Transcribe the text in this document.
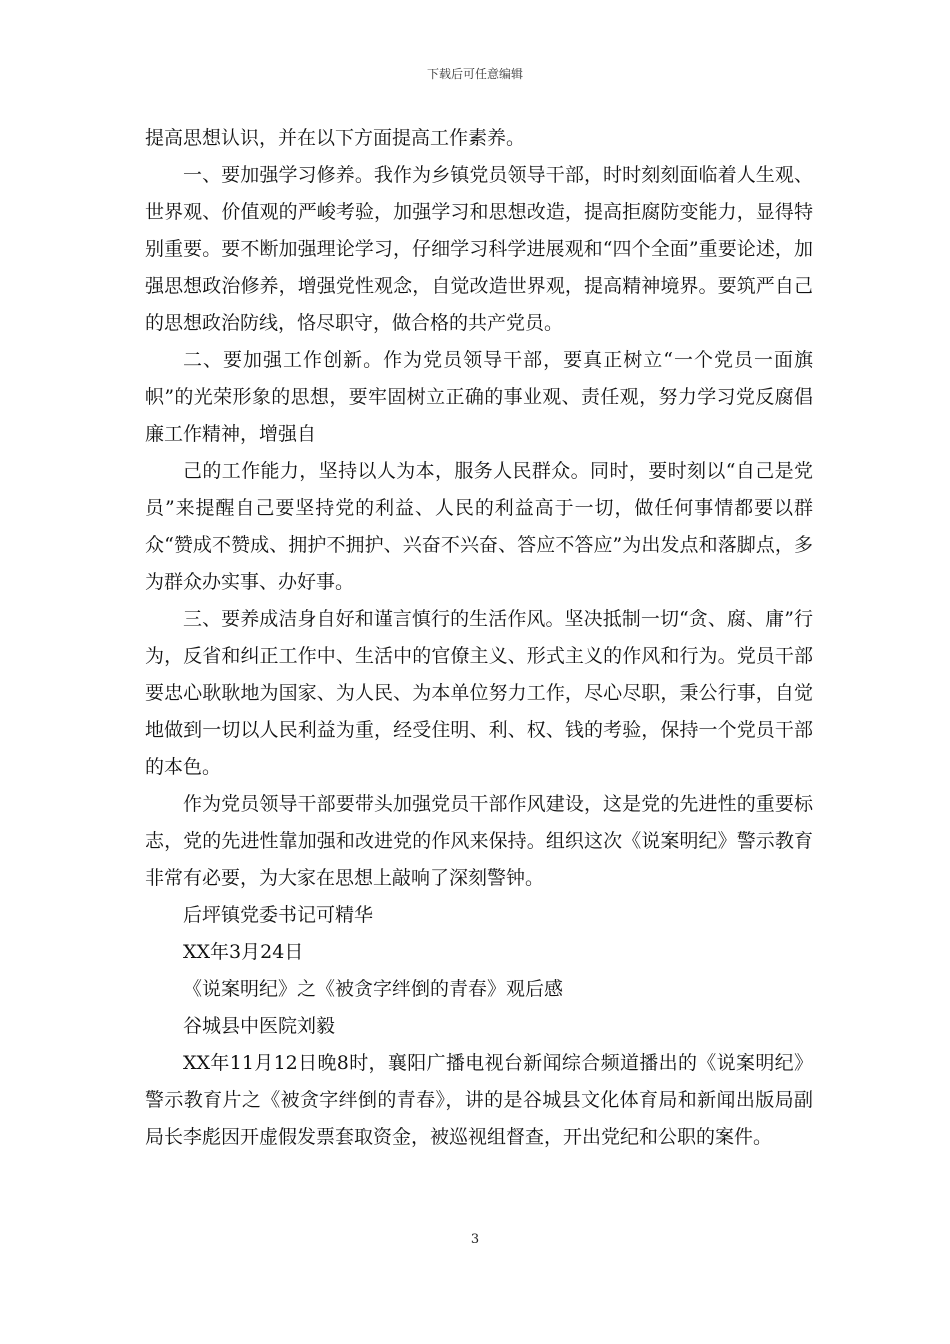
下载后可任意编辑

提高思想认识，并在以下方面提高工作素养。

一、要加强学习修养。我作为乡镇党员领导干部，时时刻刻面临着人生观、世界观、价值观的严峻考验，加强学习和思想改造，提高拒腐防变能力，显得特别重要。要不断加强理论学习，仔细学习科学进展观和“四个全面”重要论述，加强思想政治修养，增强党性观念，自觉改造世界观，提高精神境界。要筑严自己的思想政治防线，恪尽职守，做合格的共产党员。

二、要加强工作创新。作为党员领导干部，要真正树立“一个党员一面旗帜”的光荣形象的思想，要牢固树立正确的事业观、责任观，努力学习党反腐倡廉工作精神，增强自

己的工作能力，坚持以人为本，服务人民群众。同时，要时刻以“自己是党员”来提醒自己要坚持党的利益、人民的利益高于一切，做任何事情都要以群众“赞成不赞成、拥护不拥护、兴奋不兴奋、答应不答应”为出发点和落脚点，多为群众办实事、办好事。

三、要养成洁身自好和谨言慎行的生活作风。坚决抵制一切“贪、腐、庸”行为，反省和纠正工作中、生活中的官僚主义、形式主义的作风和行为。党员干部要忠心耿耿地为国家、为人民、为本单位努力工作，尽心尽职，秉公行事，自觉地做到一切以人民利益为重，经受住明、利、权、钱的考验，保持一个党员干部的本色。

作为党员领导干部要带头加强党员干部作风建设，这是党的先进性的重要标志，党的先进性靠加强和改进党的作风来保持。组织这次《说案明纪》警示教育非常有必要，为大家在思想上敲响了深刻警钟。

后坪镇党委书记可精华

XX年3月24日

《说案明纪》之《被贪字绊倒的青春》观后感

谷城县中医院刘毅

XX年11月12日晚8时，襄阳广播电视台新闻综合频道播出的《说案明纪》警示教育片之《被贪字绊倒的青春》，讲的是谷城县文化体育局和新闻出版局副局长李彪因开虚假发票套取资金，被巡视组督查，开出党纪和公职的案件。

3
